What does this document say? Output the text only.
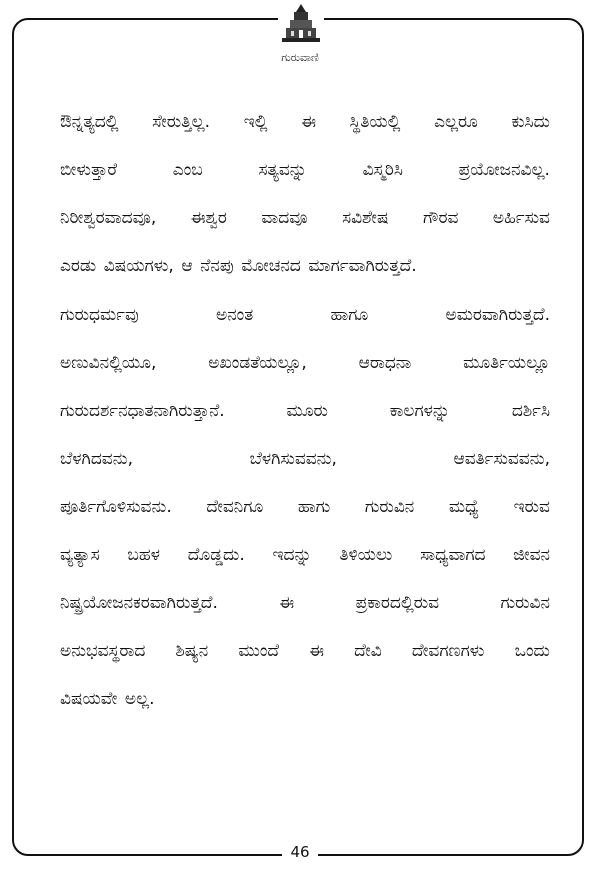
ಗುರುವಾಣಿ
ಔನ್ನತ್ಯದಲ್ಲಿ ಸೇರುತ್ತಿಲ್ಲ. ಇಲ್ಲಿ ಈ ಸ್ಥಿತಿಯಲ್ಲಿ ಎಲ್ಲರೂ ಕುಸಿದು
ಬೀಳುತ್ತಾರೆ	ಎಂಬ	ಸತ್ಯವನ್ನು	ವಿಸ್ಮರಿಸಿ	ಪ್ರಯೋಜನವಿಲ್ಲ.
ನಿರೀಶ್ವರವಾದವೂ, ಈಶ್ವರ ವಾದವೂ ಸವಿಶೇಷ ಗೌರವ ಅರ್ಹಿಸುವ
ಎರಡು ವಿಷಯಗಳು, ಆ ನೆನಪು ಮೋಚನದ ಮಾರ್ಗವಾಗಿರುತ್ತದೆ.
ಗುರುಧರ್ಮವು	ಅನಂತ	ಹಾಗೂ	ಅಮರವಾಗಿರುತ್ತದೆ.
ಅಣುವಿನಲ್ಲಿಯೂ,	ಅಖಂಡತೆಯಲ್ಲೂ,	ಆರಾಧನಾ	ಮೂರ್ತಿಯಲ್ಲೂ
ಗುರುದರ್ಶನಧಾತನಾಗಿರುತ್ತಾನೆ.	ಮೂರು	ಕಾಲಗಳನ್ನು	ದರ್ಶಿಸಿ
ಬೆಳಗಿದವನು,	ಬೆಳಗಿಸುವವನು,	ಆವರ್ತಿಸುವವನು,
ಪೂರ್ತಿಗೊಳಿಸುವನು. ದೇವನಿಗೂ ಹಾಗು ಗುರುವಿನ ಮಧ್ಯೆ ಇರುವ
ವ್ಯತ್ಯಾಸ ಬಹಳ ದೊಡ್ಡದು. ಇದನ್ನು ತಿಳಿಯಲು ಸಾಧ್ಯವಾಗದ ಜೀವನ
ನಿಷ್ಪ್ರಯೋಜನಕರವಾಗಿರುತ್ತದೆ.	ಈ	ಪ್ರಕಾರದಲ್ಲಿರುವ	ಗುರುವಿನ
ಅನುಭವಸ್ಥರಾದ ಶಿಷ್ಯನ ಮುಂದೆ ಈ ದೇವಿ ದೇವಗಣಗಳು ಒಂದು
ವಿಷಯವೇ ಅಲ್ಲ.
46
